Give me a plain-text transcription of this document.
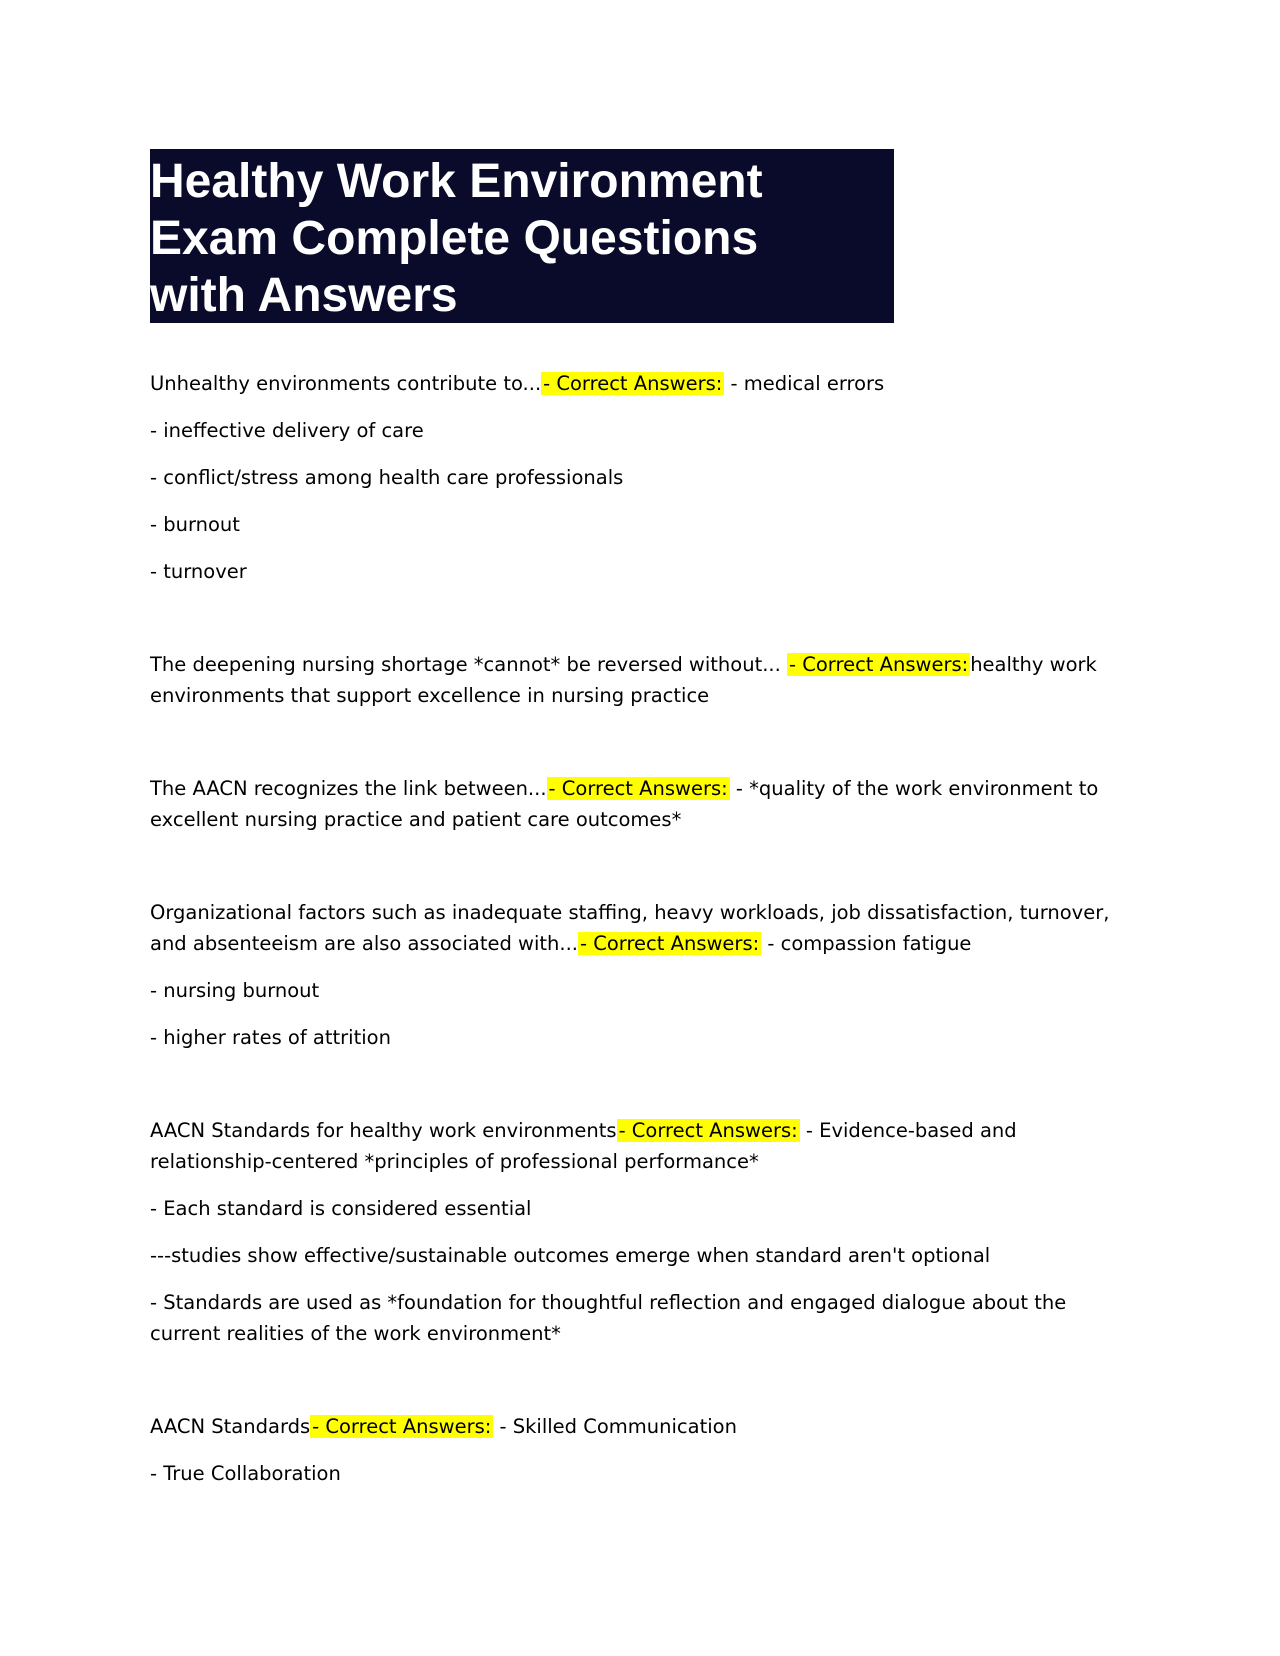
Healthy Work Environment
Exam Complete Questions
with Answers

Unhealthy environments contribute to... - Correct Answers: - medical errors

- ineffective delivery of care

- conflict/stress among health care professionals

- burnout

- turnover

The deepening nursing shortage *cannot* be reversed without... - Correct Answers: healthy work environments that support excellence in nursing practice

The AACN recognizes the link between... - Correct Answers: - *quality of the work environment to excellent nursing practice and patient care outcomes*

Organizational factors such as inadequate staffing, heavy workloads, job dissatisfaction, turnover, and absenteeism are also associated with... - Correct Answers: - compassion fatigue

- nursing burnout

- higher rates of attrition

AACN Standards for healthy work environments - Correct Answers: - Evidence-based and relationship-centered *principles of professional performance*

- Each standard is considered essential

---studies show effective/sustainable outcomes emerge when standard aren't optional

- Standards are used as *foundation for thoughtful reflection and engaged dialogue about the current realities of the work environment*

AACN Standards - Correct Answers: - Skilled Communication

- True Collaboration
